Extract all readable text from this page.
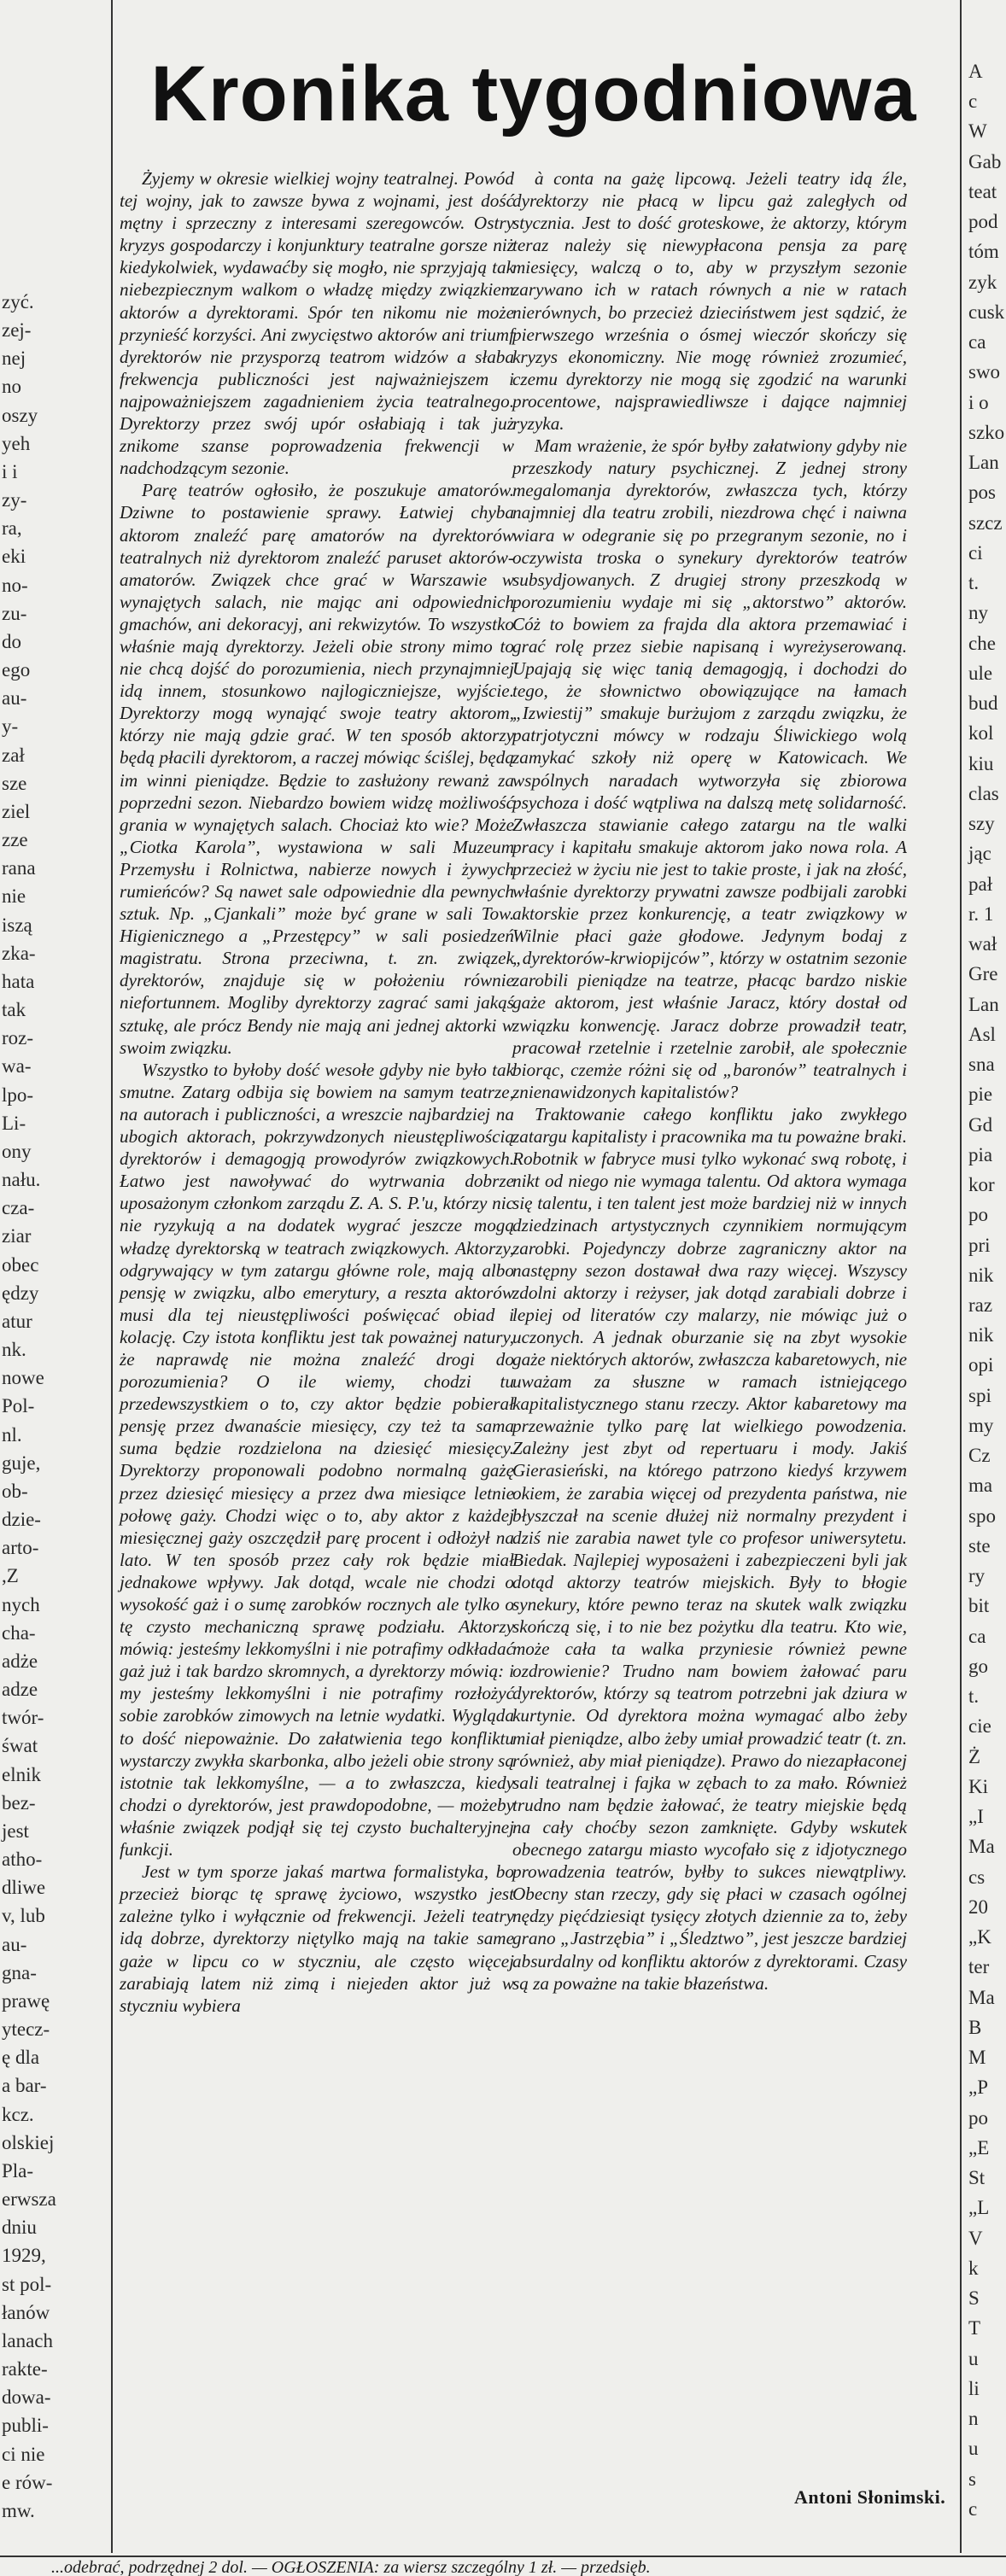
zyć.
zej-
nej
no
oszy
yeh
i i
zy-
ra,
eki
no-
zu-
do
ego
au-
y-
zał
sze
ziel
zze
rana
nie
iszą
zka-
hata
tak
roz-
wa-
lpo-
Li-
ony
nału.
cza-
ziar
obec
ędzy
atur
nk.
nowe
Pol-
nl.
guje,
ob-
dzie-
arto-
,Z
nych
cha-
adże
adze
twór-
śwat
elnik
bez-
jest
atho-
dliwe
v, lub
au-
gna-
prawę
ytecz-
ę dla
a bar-
kcz.
olskiej
Pla-
erwsza
dniu
1929,
st pol-
łanów
lanach
rakte-
dowa-
publi-
ci nie
e rów-
mw.
A
c
W
Gab
teat
pod
tóm
zyk
cusk
ca
swo
i o
szko
Lan
pos
szcz
ci
t.
ny
che
ule
bud
kol
kiu
clas
szy
jąc
pał
r. 1
wał
Gre
Lan
Asl
sna
pie
Gd
pia
kor
po
pri
nik
raz
nik
opi
spi
my
Cz
ma
spo
ste
ry
bit
ca
go
t.
cie
Ż
Ki
„I
Ma
cs
20
„K
ter
Ma
B
M
„P
po
„E
St
„L
V
k
S
T
u
li
n
u
s
c
Kronika tygodniowa

Żyjemy w okresie wielkiej wojny teatralnej. Powód tej wojny, jak to zawsze bywa z wojnami, jest dość mętny i sprzeczny z interesami szeregowców. Ostry kryzys gospodarczy i konjunktury teatralne gorsze niż kiedykolwiek, wydawaćby się mogło, nie sprzyjają tak niebezpiecznym walkom o władzę między związkiem aktorów a dyrektorami. Spór ten nikomu nie może przynieść korzyści. Ani zwycięstwo aktorów ani triumf dyrektorów nie przysporzą teatrom widzów a słaba frekwencja publiczności jest najważniejszem i najpoważniejszem zagadnieniem życia teatralnego. Dyrektorzy przez swój upór osłabiają i tak już znikome szanse poprowadzenia frekwencji w nadchodzącym sezonie.

Parę teatrów ogłosiło, że poszukuje amatorów. Dziwne to postawienie sprawy. Łatwiej chyba aktorom znaleźć parę amatorów na dyrektorów teatralnych niż dyrektorom znaleźć paruset aktorów-amatorów. Związek chce grać w Warszawie w wynajętych salach, nie mając ani odpowiednich gmachów, ani dekoracyj, ani rekwizytów. To wszystko właśnie mają dyrektorzy. Jeżeli obie strony mimo to nie chcą dojść do porozumienia, niech przynajmniej idą innem, stosunkowo najlogiczniejsze, wyjście. Dyrektorzy mogą wynająć swoje teatry aktorom, którzy nie mają gdzie grać. W ten sposób aktorzy będą płacili dyrektorom, a raczej mówiąc ściślej, będą im winni pieniądze. Będzie to zasłużony rewanż za poprzedni sezon. Niebardzo bowiem widzę możliwość grania w wynajętych salach. Chociaż kto wie? Może „Ciotka Karola”, wystawiona w sali Muzeum Przemysłu i Rolnictwa, nabierze nowych i żywych rumieńców? Są nawet sale odpowiednie dla pewnych sztuk. Np. „Cjankali” może być grane w sali Tow. Higienicznego a „Przestępcy” w sali posiedzeń magistratu. Strona przeciwna, t. zn. związek dyrektorów, znajduje się w położeniu równie niefortunnem. Mogliby dyrektorzy zagrać sami jakąś sztukę, ale prócz Bendy nie mają ani jednej aktorki w swoim związku.

Wszystko to byłoby dość wesołe gdyby nie było tak smutne. Zatarg odbija się bowiem na samym teatrze, na autorach i publiczności, a wreszcie najbardziej na ubogich aktorach, pokrzywdzonych nieustępliwością dyrektorów i demagogją prowodyrów związkowych. Łatwo jest nawoływać do wytrwania dobrze uposażonym członkom zarządu Z. A. S. P.'u, którzy nic nie ryzykują a na dodatek wygrać jeszcze mogą władzę dyrektorską w teatrach związkowych. Aktorzy, odgrywający w tym zatargu główne role, mają albo pensję w związku, albo emerytury, a reszta aktorów musi dla tej nieustępliwości poświęcać obiad i kolację. Czy istota konfliktu jest tak poważnej natury, że naprawdę nie można znaleźć drogi do porozumienia? O ile wiemy, chodzi tu przedewszystkiem o to, czy aktor będzie pobierał pensję przez dwanaście miesięcy, czy też ta sama suma będzie rozdzielona na dziesięć miesięcy. Dyrektorzy proponowali podobno normalną gażę przez dziesięć miesięcy a przez dwa miesiące letnie połowę gaży. Chodzi więc o to, aby aktor z każdej miesięcznej gaży oszczędził parę procent i odłożył na lato. W ten sposób przez cały rok będzie miał jednakowe wpływy. Jak dotąd, wcale nie chodzi o wysokość gaż i o sumę zarobków rocznych ale tylko o tę czysto mechaniczną sprawę podziału. Aktorzy mówią: jesteśmy lekkomyślni i nie potrafimy odkładać gaż już i tak bardzo skromnych, a dyrektorzy mówią: i my jesteśmy lekkomyślni i nie potrafimy rozłożyć sobie zarobków zimowych na letnie wydatki. Wygląda to dość niepoważnie. Do załatwienia tego konfliktu wystarczy zwykła skarbonka, albo jeżeli obie strony są istotnie tak lekkomyślne, — a to zwłaszcza, kiedy chodzi o dyrektorów, jest prawdopodobne, — możeby właśnie związek podjął się tej czysto buchalteryjnej funkcji.

Jest w tym sporze jakaś martwa formalistyka, bo przecież biorąc tę sprawę życiowo, wszystko jest zależne tylko i wyłącznie od frekwencji. Jeżeli teatry idą dobrze, dyrektorzy niętylko mają na takie same gaże w lipcu co w styczniu, ale często więcej zarabiają latem niż zimą i niejeden aktor już w styczniu wybiera

à conta na gażę lipcową. Jeżeli teatry idą źle, dyrektorzy nie płacą w lipcu gaż zaległych od stycznia. Jest to dość groteskowe, że aktorzy, którym teraz należy się niewypłacona pensja za parę miesięcy, walczą o to, aby w przyszłym sezonie zarywano ich w ratach równych a nie w ratach nierównych, bo przecież dzieciństwem jest sądzić, że pierwszego września o ósmej wieczór skończy się kryzys ekonomiczny. Nie mogę również zrozumieć, czemu dyrektorzy nie mogą się zgodzić na warunki procentowe, najsprawiedliwsze i dające najmniej ryzyka.

Mam wrażenie, że spór byłby załatwiony gdyby nie przeszkody natury psychicznej. Z jednej strony megalomanja dyrektorów, zwłaszcza tych, którzy najmniej dla teatru zrobili, niezdrowa chęć i naiwna wiara w odegranie się po przegranym sezonie, no i oczywista troska o synekury dyrektorów teatrów subsydjowanych. Z drugiej strony przeszkodą w porozumieniu wydaje mi się „aktorstwo” aktorów. Cóż to bowiem za frajda dla aktora przemawiać i grać rolę przez siebie napisaną i wyreżyserowaną. Upajają się więc tanią demagogją, i dochodzi do tego, że słownictwo obowiązujące na łamach „Izwiestij” smakuje burżujom z zarządu związku, że patrjotyczni mówcy w rodzaju Śliwickiego wolą zamykać szkoły niż operę w Katowicach. We wspólnych naradach wytworzyła się zbiorowa psychoza i dość wątpliwa na dalszą metę solidarność. Zwłaszcza stawianie całego zatargu na tle walki pracy i kapitału smakuje aktorom jako nowa rola. A przecież w życiu nie jest to takie proste, i jak na złość, właśnie dyrektorzy prywatni zawsze podbijali zarobki aktorskie przez konkurencję, a teatr związkowy w Wilnie płaci gaże głodowe. Jedynym bodaj z „dyrektorów-krwiopijców”, którzy w ostatnim sezonie zarobili pieniądze na teatrze, płacąc bardzo niskie gaże aktorom, jest właśnie Jaracz, który dostał od związku konwencję. Jaracz dobrze prowadził teatr, pracował rzetelnie i rzetelnie zarobił, ale społecznie biorąc, czemże różni się od „baronów” teatralnych i znienawidzonych kapitalistów?

Traktowanie całego konfliktu jako zwykłego zatargu kapitalisty i pracownika ma tu poważne braki. Robotnik w fabryce musi tylko wykonać swą robotę, i nikt od niego nie wymaga talentu. Od aktora wymaga się talentu, i ten talent jest może bardziej niż w innych dziedzinach artystycznych czynnikiem normującym zarobki. Pojedynczy dobrze zagraniczny aktor na następny sezon dostawał dwa razy więcej. Wszyscy zdolni aktorzy i reżyser, jak dotąd zarabiali dobrze i lepiej od literatów czy malarzy, nie mówiąc już o uczonych. A jednak oburzanie się na zbyt wysokie gaże niektórych aktorów, zwłaszcza kabaretowych, nie uważam za słuszne w ramach istniejącego kapitalistycznego stanu rzeczy. Aktor kabaretowy ma przeważnie tylko parę lat wielkiego powodzenia. Zależny jest zbyt od repertuaru i mody. Jakiś Gierasieński, na którego patrzono kiedyś krzywem okiem, że zarabia więcej od prezydenta państwa, nie błyszczał na scenie dłużej niż normalny prezydent i dziś nie zarabia nawet tyle co profesor uniwersytetu. Biedak. Najlepiej wyposażeni i zabezpieczeni byli jak dotąd aktorzy teatrów miejskich. Były to błogie synekury, które pewno teraz na skutek walk związku skończą się, i to nie bez pożytku dla teatru. Kto wie, może cała ta walka przyniesie również pewne ozdrowienie? Trudno nam bowiem żałować paru dyrektorów, którzy są teatrom potrzebni jak dziura w kurtynie. Od dyrektora można wymagać albo żeby miał pieniądze, albo żeby umiał prowadzić teatr (t. zn. również, aby miał pieniądze). Prawo do niezapłaconej sali teatralnej i fajka w zębach to za mało. Również trudno nam będzie żałować, że teatry miejskie będą na cały choćby sezon zamknięte. Gdyby wskutek obecnego zatargu miasto wycofało się z idjotycznego prowadzenia teatrów, byłby to sukces niewątpliwy. Obecny stan rzeczy, gdy się płaci w czasach ogólnej nędzy pięćdziesiąt tysięcy złotych dziennie za to, żeby grano „Jastrzębia” i „Śledztwo”, jest jeszcze bardziej absurdalny od konfliktu aktorów z dyrektorami. Czasy są za poważne na takie błazeństwa.

Antoni Słonimski.
...odebrać, podrzędnej 2 dol. — OGŁOSZENIA: za wiersz szczególny 1 zł. — przedsięb.
